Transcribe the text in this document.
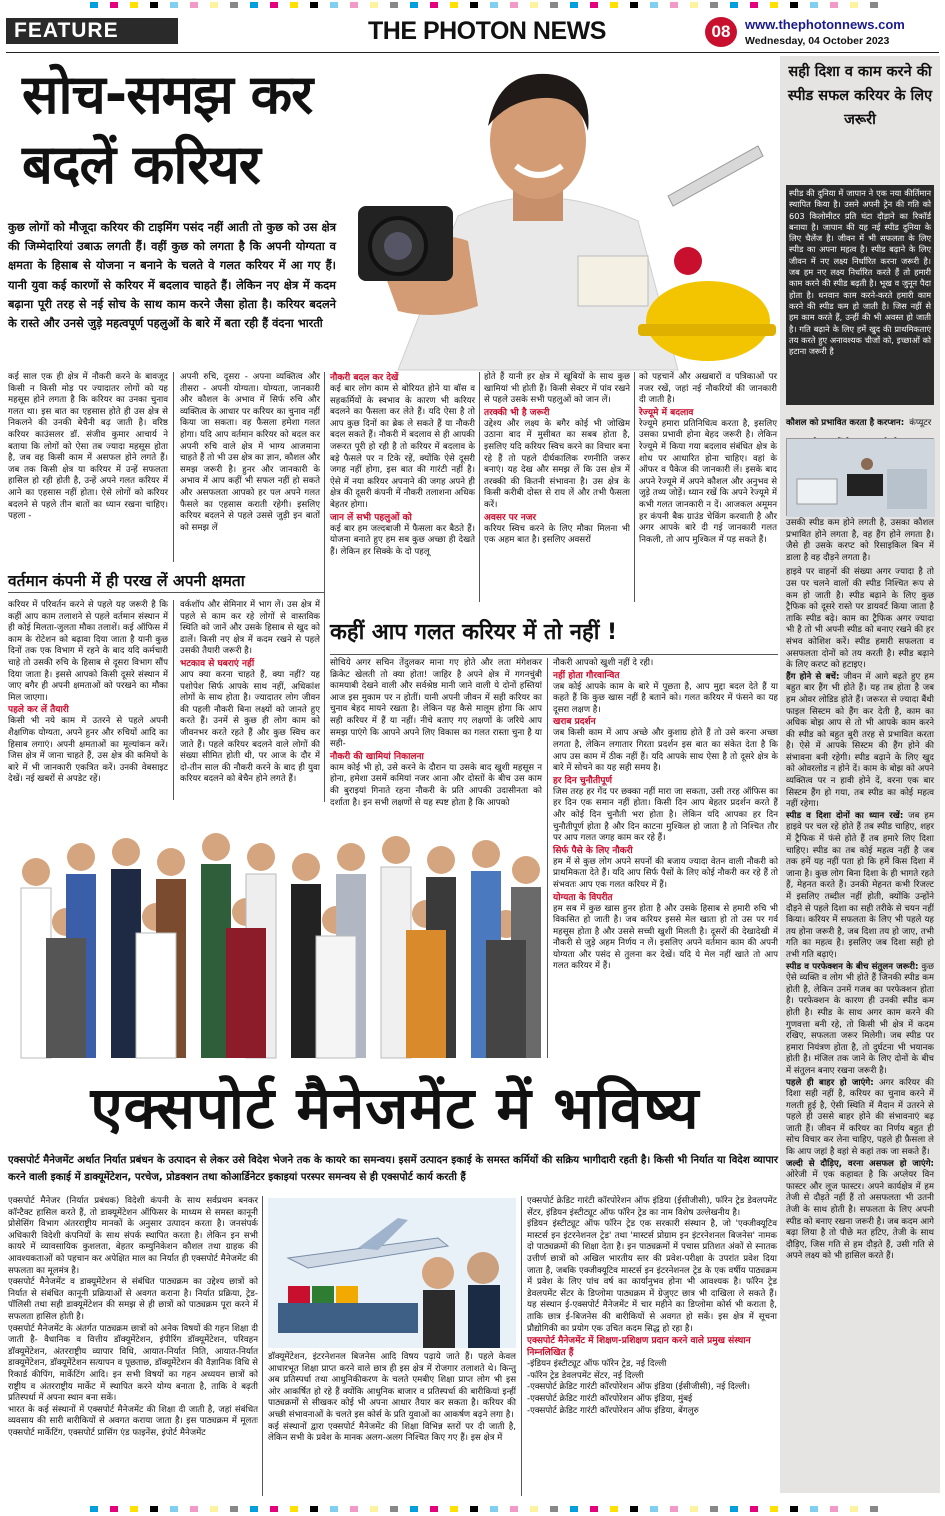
FEATURE	THE PHOTON NEWS	08	www.thephotonnews.com
Wednesday, 04 October 2023
सोच-समझ कर
बदलें करियर
कुछ लोगों को मौजूदा करियर की टाइमिंग पसंद नहीं आती तो कुछ को उस क्षेत्र की जिम्मेदारियां उबाऊ लगती हैं। वहीं कुछ को लगता है कि अपनी योग्यता व क्षमता के हिसाब से योजना न बनाने के चलते वे गलत करियर में आ गए हैं। यानी युवा कई कारणों से करियर में बदलाव चाहते हैं। लेकिन नए क्षेत्र में कदम बढ़ाना पूरी तरह से नई सोच के साथ काम करने जैसा होता है। करियर बदलने के रास्ते और उनसे जुड़े महत्वपूर्ण पहलुओं के बारे में बता रही हैं वंदना भारती
कई साल एक ही क्षेत्र में नौकरी करने के बावजूद किसी न किसी मोड़ पर ज्यादातर लोगों को यह महसूस होने लगता है कि करियर का उनका चुनाव गलत था। इस बात का एहसास होते ही उस क्षेत्र से निकलने की उनकी बेचैनी बढ़ जाती है। वरिष्ठ करियर काउंसलर डॉ. संजीव कुमार आचार्य ने बताया कि लोगों को ऐसा तब ज्यादा महसूस होता है, जब वह किसी काम में असफल होने लगते हैं। जब तक किसी क्षेत्र या करियर में उन्हें सफलता हासिल हो रही होती है, उन्हें अपने गलत करियर में आने का एहसास नहीं होता। ऐसे लोगों को करियर बदलने से पहले तीन बातों का ध्यान रखना चाहिए। पहला -
अपनी रुचि, दूसरा - अपना व्यक्तित्व और तीसरा - अपनी योग्यता। योग्यता, जानकारी और कौशल के अभाव में सिर्फ रुचि और व्यक्तित्व के आधार पर करियर का चुनाव नहीं किया जा सकता। वह फैसला हमेशा गलत होगा। यदि आप वर्तमान करियर को बदल कर अपनी रुचि वाले क्षेत्र में भाग्य आजमाना चाहते हैं तो भी उस क्षेत्र का ज्ञान, कौशल और समझ जरूरी है। हुनर और जानकारी के अभाव में आप कहीं भी सफल नहीं हो सकते और असफलता आपको हर पल अपने गलत फैसले का एहसास कराती रहेगी। इसलिए करियर बदलने से पहले उससे जुड़ी इन बातों को समझ लें
नौकरी बदल कर देखें
कई बार लोग काम से बोरियत होने या बॉस व सहकर्मियों के स्वभाव के कारण भी करियर बदलने का फैसला कर लेते हैं। यदि ऐसा है तो आप कुछ दिनों का ब्रेक ले सकते हैं या नौकरी बदल सकते हैं। नौकरी में बदलाव से ही आपकी जरूरत पूरी हो रही है तो करियर में बदलाव के बड़े फैसले पर न टिके रहें, क्योंकि ऐसे दूसरी जगह नहीं होगा, इस बात की गारंटी नहीं है। ऐसे में नया करियर अपनाने की जगह अपने ही क्षेत्र की दूसरी कंपनी में नौकरी तलाशना अधिक बेहतर होगा।
जान लें सभी पहलुओं को
कई बार हम जल्दबाजी में फैसला कर बैठते हैं। योजना बनाते हुए हम सब कुछ अच्छा ही देखते हैं। लेकिन हर सिक्के के दो पहलू
होते हैं यानी हर क्षेत्र में खूबियों के साथ कुछ खामियां भी होती हैं। किसी सेक्टर में पांव रखने से पहले उसके सभी पहलुओं को जान लें।
तरक्की भी है जरूरी
उद्देश्य और लक्ष्य के बगैर कोई भी जोखिम उठाना बाद में मुसीबत का सबब होता है, इसलिए यदि करियर स्विच करने का विचार बना रहे हैं तो पहले दीर्घकालिक रणनीति जरूर बनाएं। यह देख और समझ लें कि उस क्षेत्र में तरक्की की कितनी संभावना है। उस क्षेत्र के किसी करीबी दोस्त से राय लें और तभी फैसला करें।
अवसर पर नजर
करियर स्विच करने के लिए मौका मिलना भी एक अहम बात है। इसलिए अवसरों
को पहचानें और अखबारों व पत्रिकाओं पर नजर रखें, जहां नई नौकरियों की जानकारी दी जाती है।
रेज्यूमे में बदलाव
रेज्यूमे हमारा प्रतिनिधित्व करता है, इसलिए उसका प्रभावी होना बेहद जरूरी है। लेकिन रेज्यूमे में किया गया बदलाव संबंधित क्षेत्र के शोध पर आधारित होना चाहिए। वहां के ऑफर व पैकेज की जानकारी लें। इसके बाद अपने रेज्यूमे में अपने कौशल और अनुभव से जुड़े तथ्य जोड़ें। ध्यान रखें कि अपने रेज्यूमे में कभी गलत जानकारी न दें। आजकल अमूमन हर कंपनी बैक ग्राउंड चेकिंग करवाती है और अगर आपके बारे दी गई जानकारी गलत निकली, तो आप मुश्किल में पड़ सकते हैं।
वर्तमान कंपनी में ही परख लें अपनी क्षमता
करियर में परिवर्तन करने से पहले यह जरूरी है कि कहीं आप काम तलाशने से पहले वर्तमान संस्थान में ही कोई मिलता-जुलता मौका तलाशें। कई ऑफिस में काम के रोटेशन को बढ़ावा दिया जाता है यानी कुछ दिनों तक एक विभाग में रहने के बाद यदि कर्मचारी चाहे तो उसकी रुचि के हिसाब से दूसरा विभाग सौंप दिया जाता है। इससे आपको किसी दूसरे संस्थान में जाए बगैर ही अपनी क्षमताओं को परखने का मौका मिल जाएगा।
पहले कर लें तैयारी
किसी भी नये काम में उतरने से पहले अपनी शैक्षणिक योग्यता, अपने हुनर और रुचियों आदि का हिसाब लगाएं। अपनी क्षमताओं का मूल्यांकन करें। जिस क्षेत्र में जाना चाहते हैं, उस क्षेत्र की कमियों के बारे में भी जानकारी एकत्रित करें। उनकी वेबसाइट देखें। नई खबरों से अपडेट रहें।
वर्कशॉप और सेमिनार में भाग लें। उस क्षेत्र में पहले से काम कर रहे लोगों से वास्तविक स्थिति को जानें और उसके हिसाब से खुद को ढालें। किसी नए क्षेत्र में कदम रखने से पहले उसकी तैयारी जरूरी है।
भटकाव से घबराएं नहीं
आप क्या करना चाहते हैं, क्या नहीं? यह पशोपेश सिर्फ आपके साथ नहीं, अधिकांश लोगों के साथ होता है। ज्यादातर लोग जीवन की पहली नौकरी बिना लक्ष्यों को जानते हुए करते हैं। उनमें से कुछ ही लोग काम को जीवनभर करते रहते हैं और कुछ स्विच कर जाते हैं। पहले करियर बदलने वाले लोगों की संख्या सीमित होती थी, पर आज के दौर में दो-तीन साल की नौकरी करने के बाद ही युवा करियर बदलने को बेचैन होने लगते हैं।
कहीं आप गलत करियर में तो नहीं !
सोचिये अगर सचिन तेंदुलकर माना गए होते और लता मंगेशकर क्रिकेट खेलती तो क्या होता! जाहिर है अपने क्षेत्र में गगनचुंबी कामयाबी देखने वाली और सर्वश्रेष्ठ मानी जाने वाली ये दोनों हस्तियां आज इस मुकाम पर न होतीं। यानी अपनी जीवन में सही करियर का चुनाव बेहद मायने रखता है। लेकिन यह कैसे मालूम होगा कि आप सही करियर में हैं या नहीं। नीचे बताए गए लक्षणों के जरिये आप समझ पाएंगे कि आपने अपने लिए विकास का गलत रास्ता चुना है या सही-
नौकरी की खामियां निकालना
काम कोई भी हो, उसे करने के दौरान या उसके बाद खुशी महसूस न होना, हमेशा उसमें कमियां नजर आना और दोस्तों के बीच उस काम की बुराइयां गिनाते रहना नौकरी के प्रति आपकी उदासीनता को दर्शाता है। इन सभी लक्षणों से यह स्पष्ट होता है कि आपको
नौकरी आपको खुशी नहीं दे रही।
नहीं होता गौरवान्वित
जब कोई आपके काम के बारे में पूछता है, आप मुद्दा बदल देते हैं या कहते हैं कि कुछ खास नहीं है बताने को। गलत करियर में फंसने का यह दूसरा लक्षण है।
खराब प्रदर्शन
जब किसी काम में आप अच्छे और कुशाग्र होते हैं तो उसे करना अच्छा लगता है, लेकिन लगातार गिरता प्रदर्शन इस बात का संकेत देता है कि आप उस काम में ठीक नहीं हैं। यदि आपके साथ ऐसा है तो दूसरे क्षेत्र के बारे में सोचने का यह सही समय है।
हर दिन चुनौतीपूर्ण
जिस तरह हर गेंद पर छक्का नहीं मारा जा सकता, उसी तरह ऑफिस का हर दिन एक समान नहीं होता। किसी दिन आप बेहतर प्रदर्शन करते हैं और कोई दिन चुनौती भरा होता है। लेकिन यदि आपका हर दिन चुनौतीपूर्ण होता है और दिन काटना मुश्किल हो जाता है तो निश्चित तौर पर आप गलत जगह काम कर रहे हैं।
सिर्फ पैसे के लिए नौकरी
हम में से कुछ लोग अपने सपनों की बजाय ज्यादा वेतन वाली नौकरी को प्राथमिकता देते हैं। यदि आप सिर्फ पैसों के लिए कोई नौकरी कर रहे हैं तो संभवतः आप एक गलत करियर में हैं।
योग्यता के विपरीत
हम सब में कुछ खास हुनर होता है और उसके हिसाब से हमारी रुचि भी विकसित हो जाती है। जब करियर इससे मेल खाता हो तो उस पर गर्व महसूस होता है और उससे सच्ची खुशी मिलती है। दूसरों की देखादेखी में नौकरी से जुड़े अहम निर्णय न लें। इसलिए अपने वर्तमान काम की अपनी योग्यता और पसंद से तुलना कर देखें। यदि ये मेल नहीं खाते तो आप गलत करियर में हैं।
सही दिशा व काम करने की स्पीड सफल करियर के लिए जरूरी
स्पीड की दुनिया में जापान ने एक नया कीर्तिमान स्थापित किया है। उसने अपनी ट्रेन की गति को 603 किलोमीटर प्रति घंटा दौड़ाने का रिकॉर्ड बनाया है। जापान की यह नई स्पीड दुनिया के लिए चैलेंज है। जीवन में भी सफलता के लिए स्पीड का अपना महत्व है। स्पीड बढ़ाने के लिए जीवन में नए लक्ष्य निर्धारित करना जरूरी है। जब हम नए लक्ष्य निर्धारित करते हैं तो हमारी काम करने की स्पीड बढ़ती है। भूख व जुनून पैदा होता है। धनवान काम करने-करते हमारी काम करने की स्पीड कम हो जाती है। जिस नहीं से हम काम करते हैं, उन्हीं की भी अवस्त हो जाती है। गति बढ़ाने के लिए हमें खुद की प्राथमिकताएं तय करते हुए अनावश्यक चीजों को, इच्छाओं को हटाना जरूरी है
कौशल को प्रभावित करता है करप्शन: कंप्यूटर
उसकी स्पीड कम होने लगती है, उसका कौशल प्रभावित होने लगता है, वह हैंग होने लगता है। जैसे ही उसके करप्ट को रिसाइकिल बिन में डाला है वह दौड़ने लगता है।
हाइवे पर वाहनों की संख्या अगर ज्यादा है तो उस पर चलने वालों की स्पीड निश्चित रूप से कम हो जाती है। स्पीड बढ़ाने के लिए कुछ ट्रैफिक को दूसरे रास्ते पर डायवर्ट किया जाता है ताकि स्पीड बढ़े। काम का ट्रैफिक अगर ज्यादा भी है तो भी अपनी स्पीड को बनाए रखने की हर संभव कोशिश करें। स्पीड हमारी सफलता व असफलता दोनों को तय करती है। स्पीड बढ़ाने के लिए करप्ट को हटाइए।
हैंग होने से बचें: जीवन में आगे बढ़ते हुए हम बहुत बार हैंग भी होते हैं। यह तब होता है जब हम ओवर लोडिड होते हैं। जरूरत से ज्यादा बैंथी फाइल सिस्टम को हैंग कर देती है, काम का अधिक बोझ आप से तो भी आपके काम करने की स्पीड को बहुत बुरी तरह से प्रभावित करता है। ऐसे में आपके सिस्टम की हैंग होने की संभावना बनी रहेगी। स्पीड बढ़ाने के लिए खुद को ओवरलोड न होने दें। काम के बोझ को अपने व्यक्तित्व पर न हावी होने दें, वरना एक बार सिस्टम हैंग हो गया, तब स्पीड का कोई महत्व नहीं रहेगा।
स्पीड व दिशा दोनों का ध्यान रखें: जब हम हाइवे पर चल रहे होते हैं तब स्पीड चाहिए, शहर में ट्रैफिक में फंसे होते हैं तब हमारे लिए दिशा चाहिए। स्पीड का तब कोई महत्व नहीं है जब तक हमें यह नहीं पता हो कि हमें किस दिशा में जाना है। कुछ लोग बिना दिशा के ही भागते रहते हैं, मेहनत करते हैं। उनकी मेहनत कभी रिजल्ट में इसलिए तब्दील नहीं होती, क्योंकि उन्होंने दौड़ने से पहले दिशा का सही तरीके से चयन नहीं किया। करियर में सफलता के लिए भी पहले यह तय होना जरूरी है, जब दिशा तय हो जाए, तभी गति का महत्व है। इसलिए जब दिशा सही हो तभी गति बढ़ाएं।
स्पीड व परफेक्शन के बीच संतुलन जरूरी: कुछ ऐसे व्यक्ति व लोग भी होते हैं जिनकी स्पीड कम होती है, लेकिन उनमें गजब का परफेक्शन होता है। परफेक्शन के कारण ही उनकी स्पीड कम होती है। स्पीड के साथ अगर काम करने की गुणवत्ता बनी रहे, तो किसी भी क्षेत्र में कदम रखिए, सफलता जरूर मिलेगी। जब स्पीड पर हमारा नियंत्रण होता है, तो दुर्घटना भी भयानक होती है। मंजिल तक जाने के लिए दोनों के बीच में संतुलन बनाए रखना जरूरी है।
पहले ही बाहर हो जाएंगे: अगर करियर की दिशा सही नहीं है, करियर का चुनाव करने में गलती हुई है, ऐसी स्थिति में मैदान में उतरने से पहले ही उससे बाहर होने की संभावनाएं बढ़ जाती हैं। जीवन में करियर का निर्णय बहुत ही सोच विचार कर लेना चाहिए, पहले ही फ़ैसला ले कि आप जहां है वहां से कहां तक जा सकते हैं।
जल्दी से दौड़िए, वरना असफल हो जाएंगे: ओरेजी में एक कहावत है कि अप्लेयर विन फास्टर और लूज फास्टर। अपने कार्यक्षेत्र में हम तेजी से दौड़ते नहीं हैं तो असफलता भी उतनी तेजी के साथ होती है। सफलता के लिए अपनी स्पीड को बनाए रखना जरूरी है। जब कदम आगे बढ़ा लिया है तो पीछे मत हटिए, तेजी के साथ दौड़िए, जिस गति से हम दौड़ते हैं, उसी गति से अपने लक्ष्य को भी हासिल करते हैं।
एक्सपोर्ट मैनेजमेंट में भविष्य
एक्सपोर्ट मैनेजमेंट अर्थात निर्यात प्रबंधन के उत्पादन से लेकर उसे विदेश भेजने तक के कायरे का समन्वय। इसमें उत्पादन इकाई के समस्त कर्मियों की सक्रिय भागीदारी रहती है। किसी भी निर्यात या विदेश व्यापार करने वाली इकाई में डाक्यूमेंटेशन, परचेज, प्रोडक्शन तथा कोआर्डिनेटर इकाइयां परस्पर समन्वय से ही एक्सपोर्ट कार्य करती हैं
एक्सपोर्ट मैनेजर (निर्यात प्रबंधक) विदेशी कंपनी के साथ सर्वप्रथम बनकर कॉन्टैक्ट हासिल करते हैं, तो डाक्यूमेंटेशन ऑफिसर के माध्यम से समस्त कानूनी प्रोसेसिंग विभाग अंतरराष्ट्रीय मानकों के अनुसार उत्पादन करता है। जनसंपर्क अधिकारी विदेशी कंपनियों के साथ संपर्क स्थापित करता है। लेकिन इन सभी कायरे में व्यावसायिक कुशलता, बेहतर कम्युनिकेशन कौशल तथा ग्राहक की आवश्यकताओं को पहचान कर अपेक्षित माल का निर्यात ही एक्सपोर्ट मैनेजमेंट की सफलता का मूलमंत्र है।
एक्सपोर्ट मैनेजमेंट व डाक्यूमेंटेशन से संबंधित पाठ्यक्रम का उद्देश्य छात्रों को निर्यात से संबंधित कानूनी प्रक्रियाओं से अवगत कराना है। निर्यात प्रक्रिया, ट्रेड-पॉलिसी तथा सही डाक्यूमेंटेशन की समझ से ही छात्रों को पाठ्यक्रम पूरा करने में सफलता हासिल होती है।
एक्सपोर्ट मैनेजमेंट के अंतर्गत पाठ्यक्रम छात्रों को अनेक विषयों की गहन शिक्षा दी जाती है- वैधानिक व वित्तीय डॉक्यूमेंटेशन, इंपीरिंग डॉक्यूमेंटेशन, परिवहन डॉक्यूमेंटेशन, अंतरराष्ट्रीय व्यापार विधि, आयात-निर्यात निति, आयात-निर्यात डाक्यूमेंटेशन, डॉक्यूमेंटेशन सत्यापन व पूछताछ, डॉक्यूमेंटेशन की वैज्ञानिक विधि से रिकार्ड कीपिंग, मार्केटिंग आदि। इन सभी विषयों का गहन अध्ययन छात्रों को राष्ट्रीय व अंतरराष्ट्रीय मार्केट में स्थापित करने योग्य बनाता है, ताकि वे बढ़ती प्रतिस्पर्धा में अपना स्थान बना सकें।
भारत के कई संस्थानों में एक्सपोर्ट मैनेजमेंट की शिक्षा दी जाती है, जहां संबंधित व्यवसाय की सारी बारीकियों से अवगत कराया जाता है। इस पाठ्यक्रम में मूलतः एक्सपोर्ट मार्केटिंग, एक्सपोर्ट प्रासिंग एंड फाइनेंस, इंपोर्ट मैनेजमेंट
डॉक्यूमेंटेशन, इंटरनेशनल बिजनेस आदि विषय पढ़ाये जाते हैं। पहले केवल आधारभूत शिक्षा प्राप्त करने वाले छात्र ही इस क्षेत्र में रोजगार तलाशते थे। किन्तु अब प्रतिस्पर्धा तथा आधुनिकीकरण के चलते एमबीए शिक्षा प्राप्त लोग भी इस ओर आकर्षित हो रहे हैं क्योंकि आधुनिक बाजार व प्रतिस्पर्धा की बारीकियां इन्हीं पाठ्यक्रमों से सीखकर कोई भी अपना आधार तैयार कर सकता है। करियर की अच्छी संभावनाओं के चलते इस कोर्स के प्रति युवाओं का आकर्षण बढ़ने लगा है।
कई संस्थानों द्वारा एक्सपोर्ट मैनेजमेंट की शिक्षा विभिन्न स्तरों पर दी जाती है, लेकिन सभी के प्रवेश के मानक अलग-अलग निश्चित किए गए हैं। इस क्षेत्र में
एक्सपोर्ट क्रेडिट गारंटी कॉरपोरेशन ऑफ इंडिया (ईसीजीसी), फॉरेन ट्रेड डेवलपमेंट सेंटर, इंडियन इंस्टीट्यूट ऑफ फॉरेन ट्रेड का नाम विशेष उल्लेखनीय है।
इंडियन इंस्टीट्यूट ऑफ फॉरेन ट्रेड एक सरकारी संस्थान है, जो 'एक्जीक्यूटिव मास्टर्स इन इंटरनेशनल ट्रेड' तथा 'मास्टर्स प्रोग्राम इन इंटरनेशनल बिजनेस' नामक दो पाठ्यक्रमों की शिक्षा देता है। इन पाठ्यक्रमों में पचास प्रतिशत अंकों से स्नातक उत्तीर्ण छात्रों को अखिल भारतीय स्तर की प्रवेश-परीक्षा के उपरांत प्रवेश दिया जाता है, जबकि एक्जीक्यूटिव मास्टर्स इन इंटरनेशनल ट्रेड के एक वर्षीय पाठ्यक्रम में प्रवेश के लिए पांच वर्ष का कार्यानुभव होना भी आवश्यक है। फॉरेन ट्रेड डेवलपमेंट सेंटर के डिप्लोमा पाठ्यक्रम में ग्रेजुएट छात्र भी दाखिला ले सकते हैं। यह संस्थान ई-एक्सपोर्ट मैनेजमेंट में चार महीने का डिप्लोमा कोर्स भी कराता है, ताकि छात्र ई-बिजनेस की बारीकियों से अवगत हो सकें। इस क्षेत्र में सूचना प्रौद्योगिकी का प्रयोग एक उचित कदम सिद्ध हो रहा है।
एक्सपोर्ट मैनेजमेंट में शिक्षण-प्रशिक्षण प्रदान करने वाले प्रमुख संस्थान निम्नलिखित हैं
-इंडियन इंस्टीट्यूट ऑफ फॉरेन ट्रेड, नई दिल्ली
-फॉरेन ट्रेड डेवलपमेंट सेंटर, नई दिल्ली
-एक्सपोर्ट क्रेडिट गारंटी कॉरपोरेशन ऑफ इंडिया (ईसीजीसी), नई दिल्ली।
-एक्सपोर्ट क्रेडिट गारंटी कॉरपोरेशन ऑफ इंडिया, मुंबई
-एक्सपोर्ट क्रेडिट गारंटी कॉरपोरेशन ऑफ इंडिया, बेंगलुरु
